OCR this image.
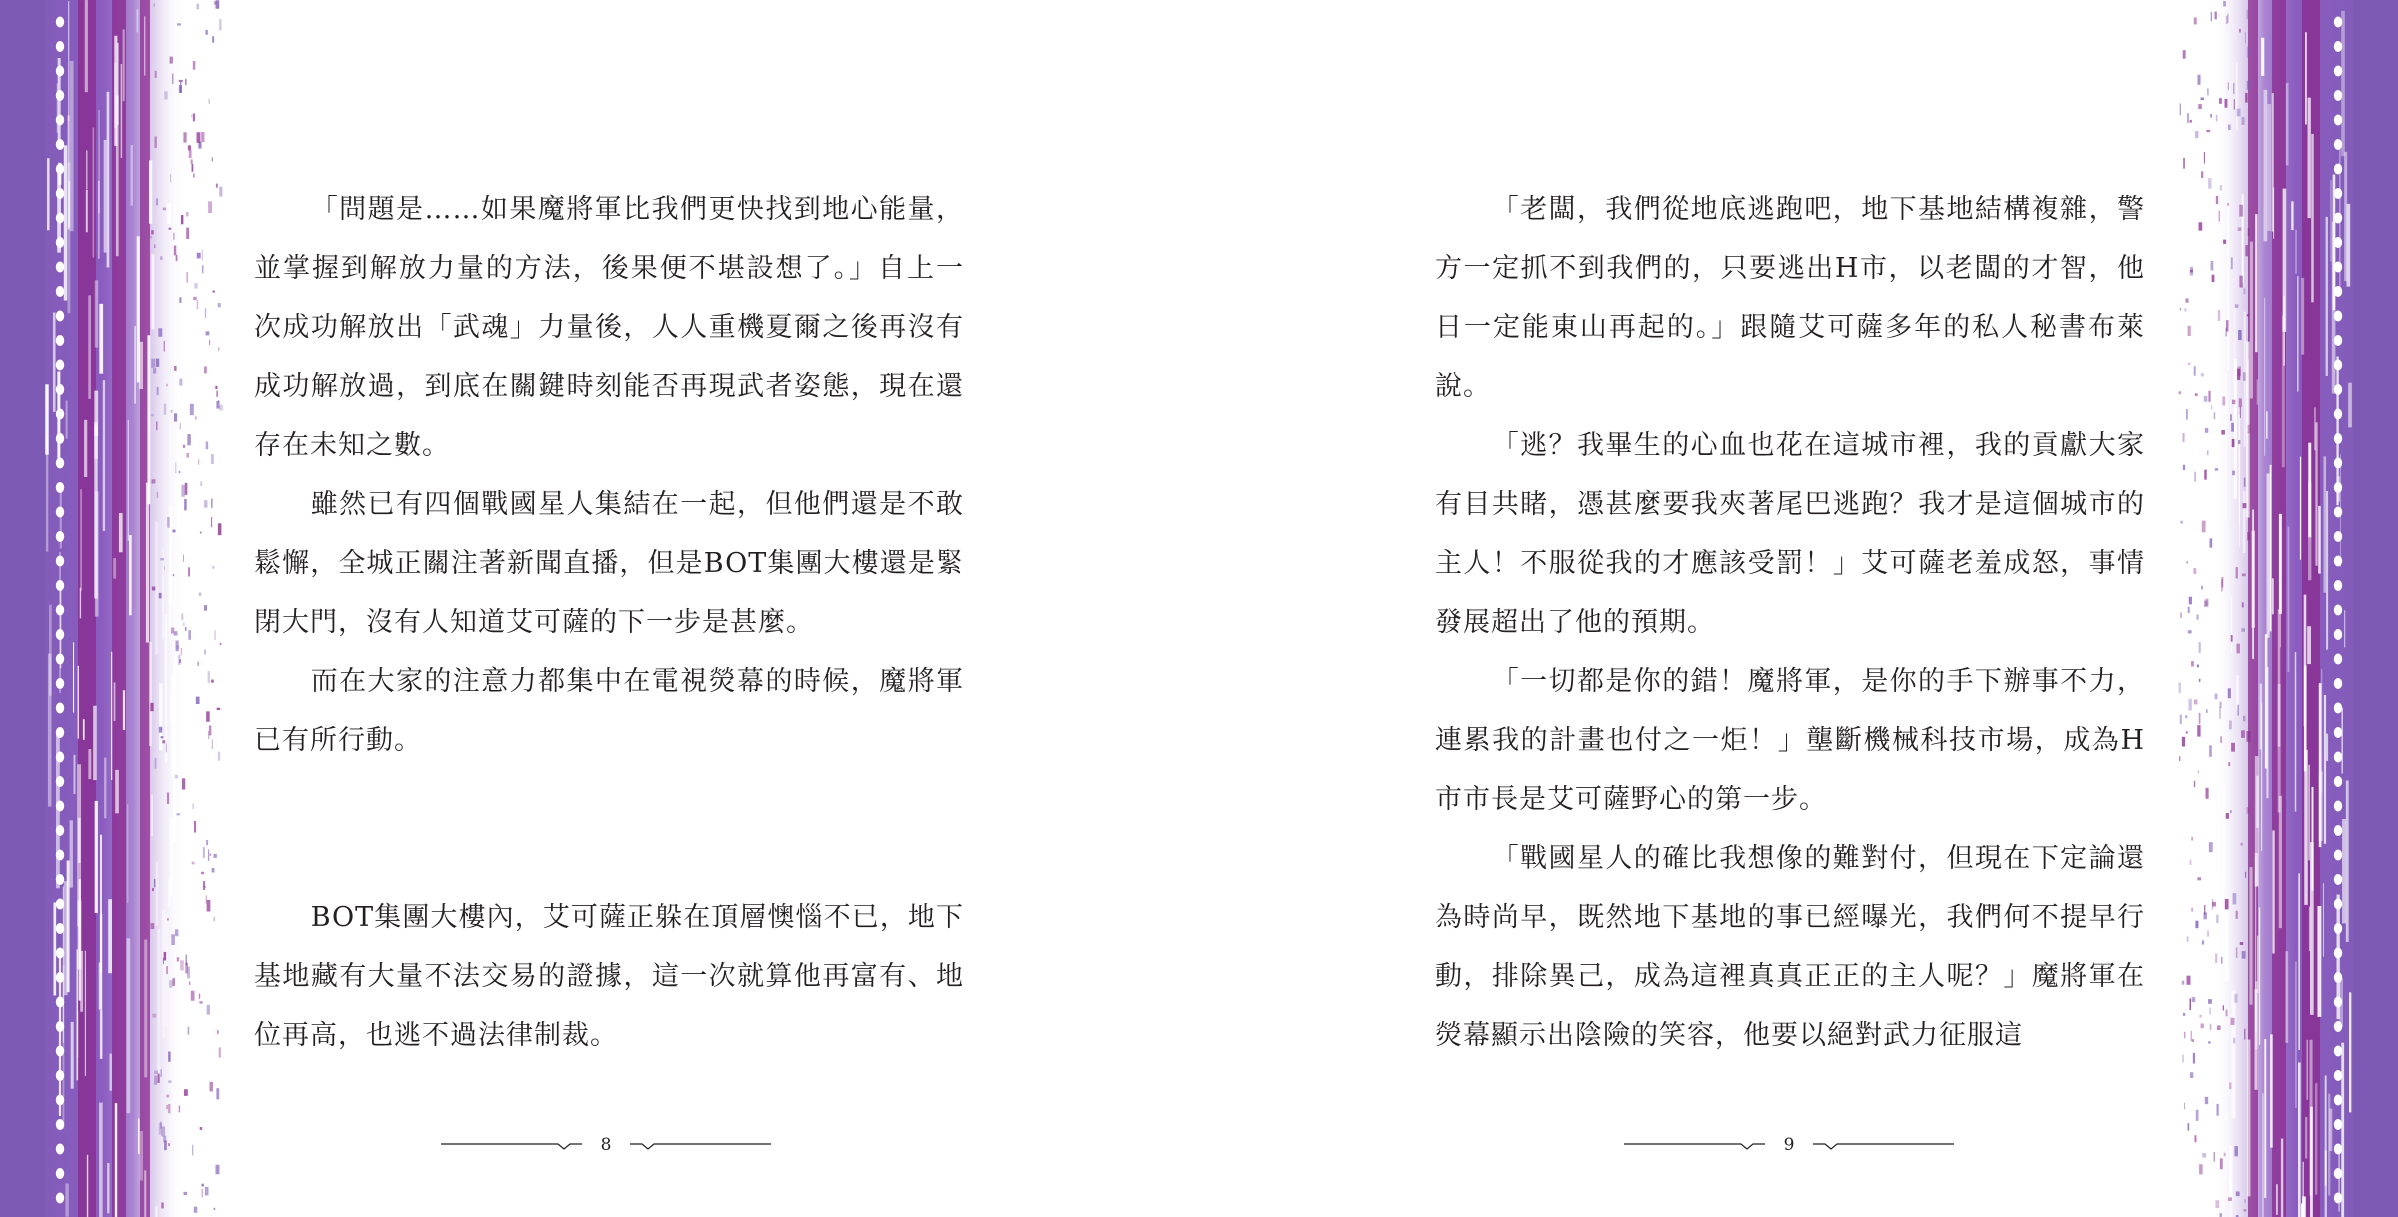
「問題是……如果魔將軍比我們更快找到地心能量，並掌握到解放力量的方法，後果便不堪設想了。」自上一次成功解放出「武魂」力量後，人人重機夏爾之後再沒有成功解放過，到底在關鍵時刻能否再現武者姿態，現在還存在未知之數。

雖然已有四個戰國星人集結在一起，但他們還是不敢鬆懈，全城正關注著新聞直播，但是BOT集團大樓還是緊閉大門，沒有人知道艾可薩的下一步是甚麼。

而在大家的注意力都集中在電視熒幕的時候，魔將軍已有所行動。

BOT集團大樓內，艾可薩正躲在頂層懊惱不已，地下基地藏有大量不法交易的證據，這一次就算他再富有、地位再高，也逃不過法律制裁。

8

「老闆，我們從地底逃跑吧，地下基地結構複雜，警方一定抓不到我們的，只要逃出H市，以老闆的才智，他日一定能東山再起的。」跟隨艾可薩多年的私人秘書布萊說。

「逃？我畢生的心血也花在這城市裡，我的貢獻大家有目共睹，憑甚麼要我夾著尾巴逃跑？我才是這個城市的主人！不服從我的才應該受罰！」艾可薩老羞成怒，事情發展超出了他的預期。

「一切都是你的錯！魔將軍，是你的手下辦事不力，連累我的計畫也付之一炬！」壟斷機械科技市場，成為H市市長是艾可薩野心的第一步。

「戰國星人的確比我想像的難對付，但現在下定論還為時尚早，既然地下基地的事已經曝光，我們何不提早行動，排除異己，成為這裡真真正正的主人呢？」魔將軍在熒幕顯示出陰險的笑容，他要以絕對武力征服這

9
